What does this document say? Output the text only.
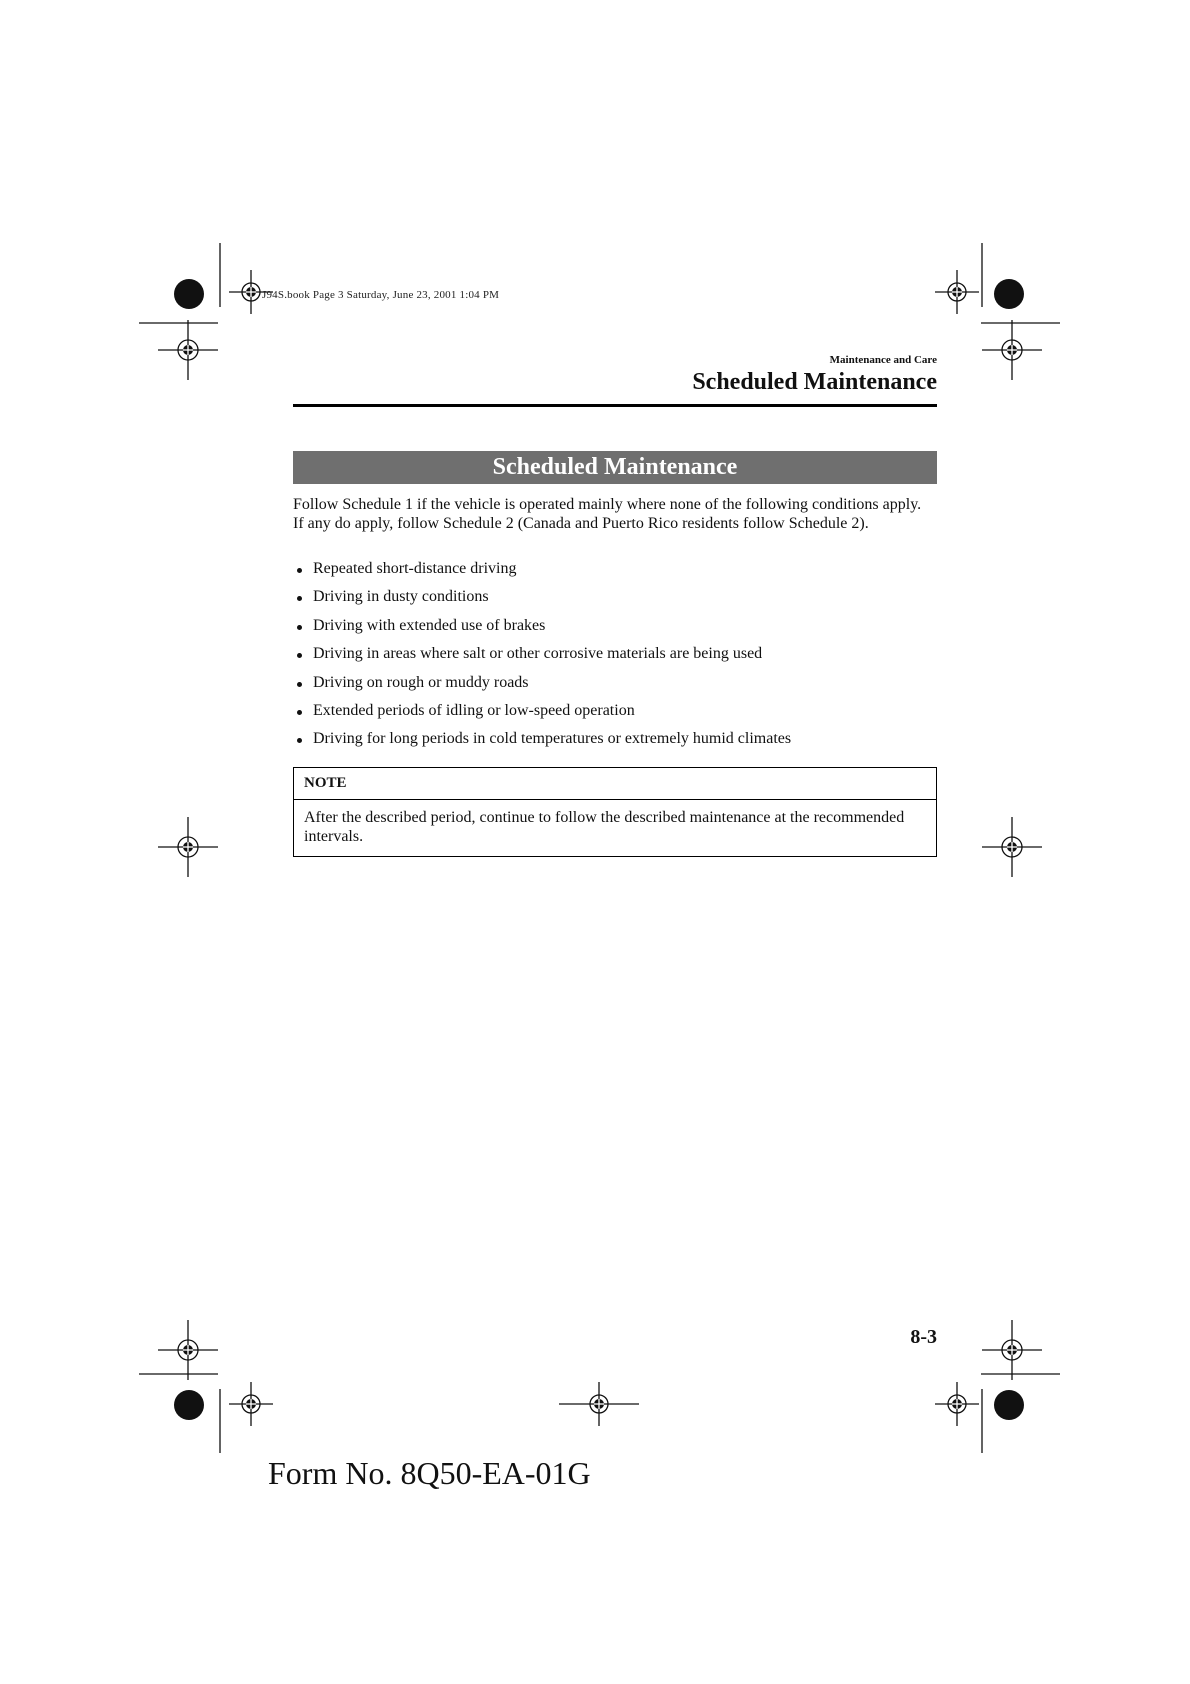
J94S.book Page 3 Saturday, June 23, 2001 1:04 PM
Maintenance and Care
Scheduled Maintenance
Scheduled Maintenance

Follow Schedule 1 if the vehicle is operated mainly where none of the following conditions apply.

If any do apply, follow Schedule 2 (Canada and Puerto Rico residents follow Schedule 2).

Repeated short-distance driving
Driving in dusty conditions
Driving with extended use of brakes
Driving in areas where salt or other corrosive materials are being used
Driving on rough or muddy roads
Extended periods of idling or low-speed operation
Driving for long periods in cold temperatures or extremely humid climates
NOTE
After the described period, continue to follow the described maintenance at the recommended intervals.
8-3
Form No. 8Q50-EA-01G
